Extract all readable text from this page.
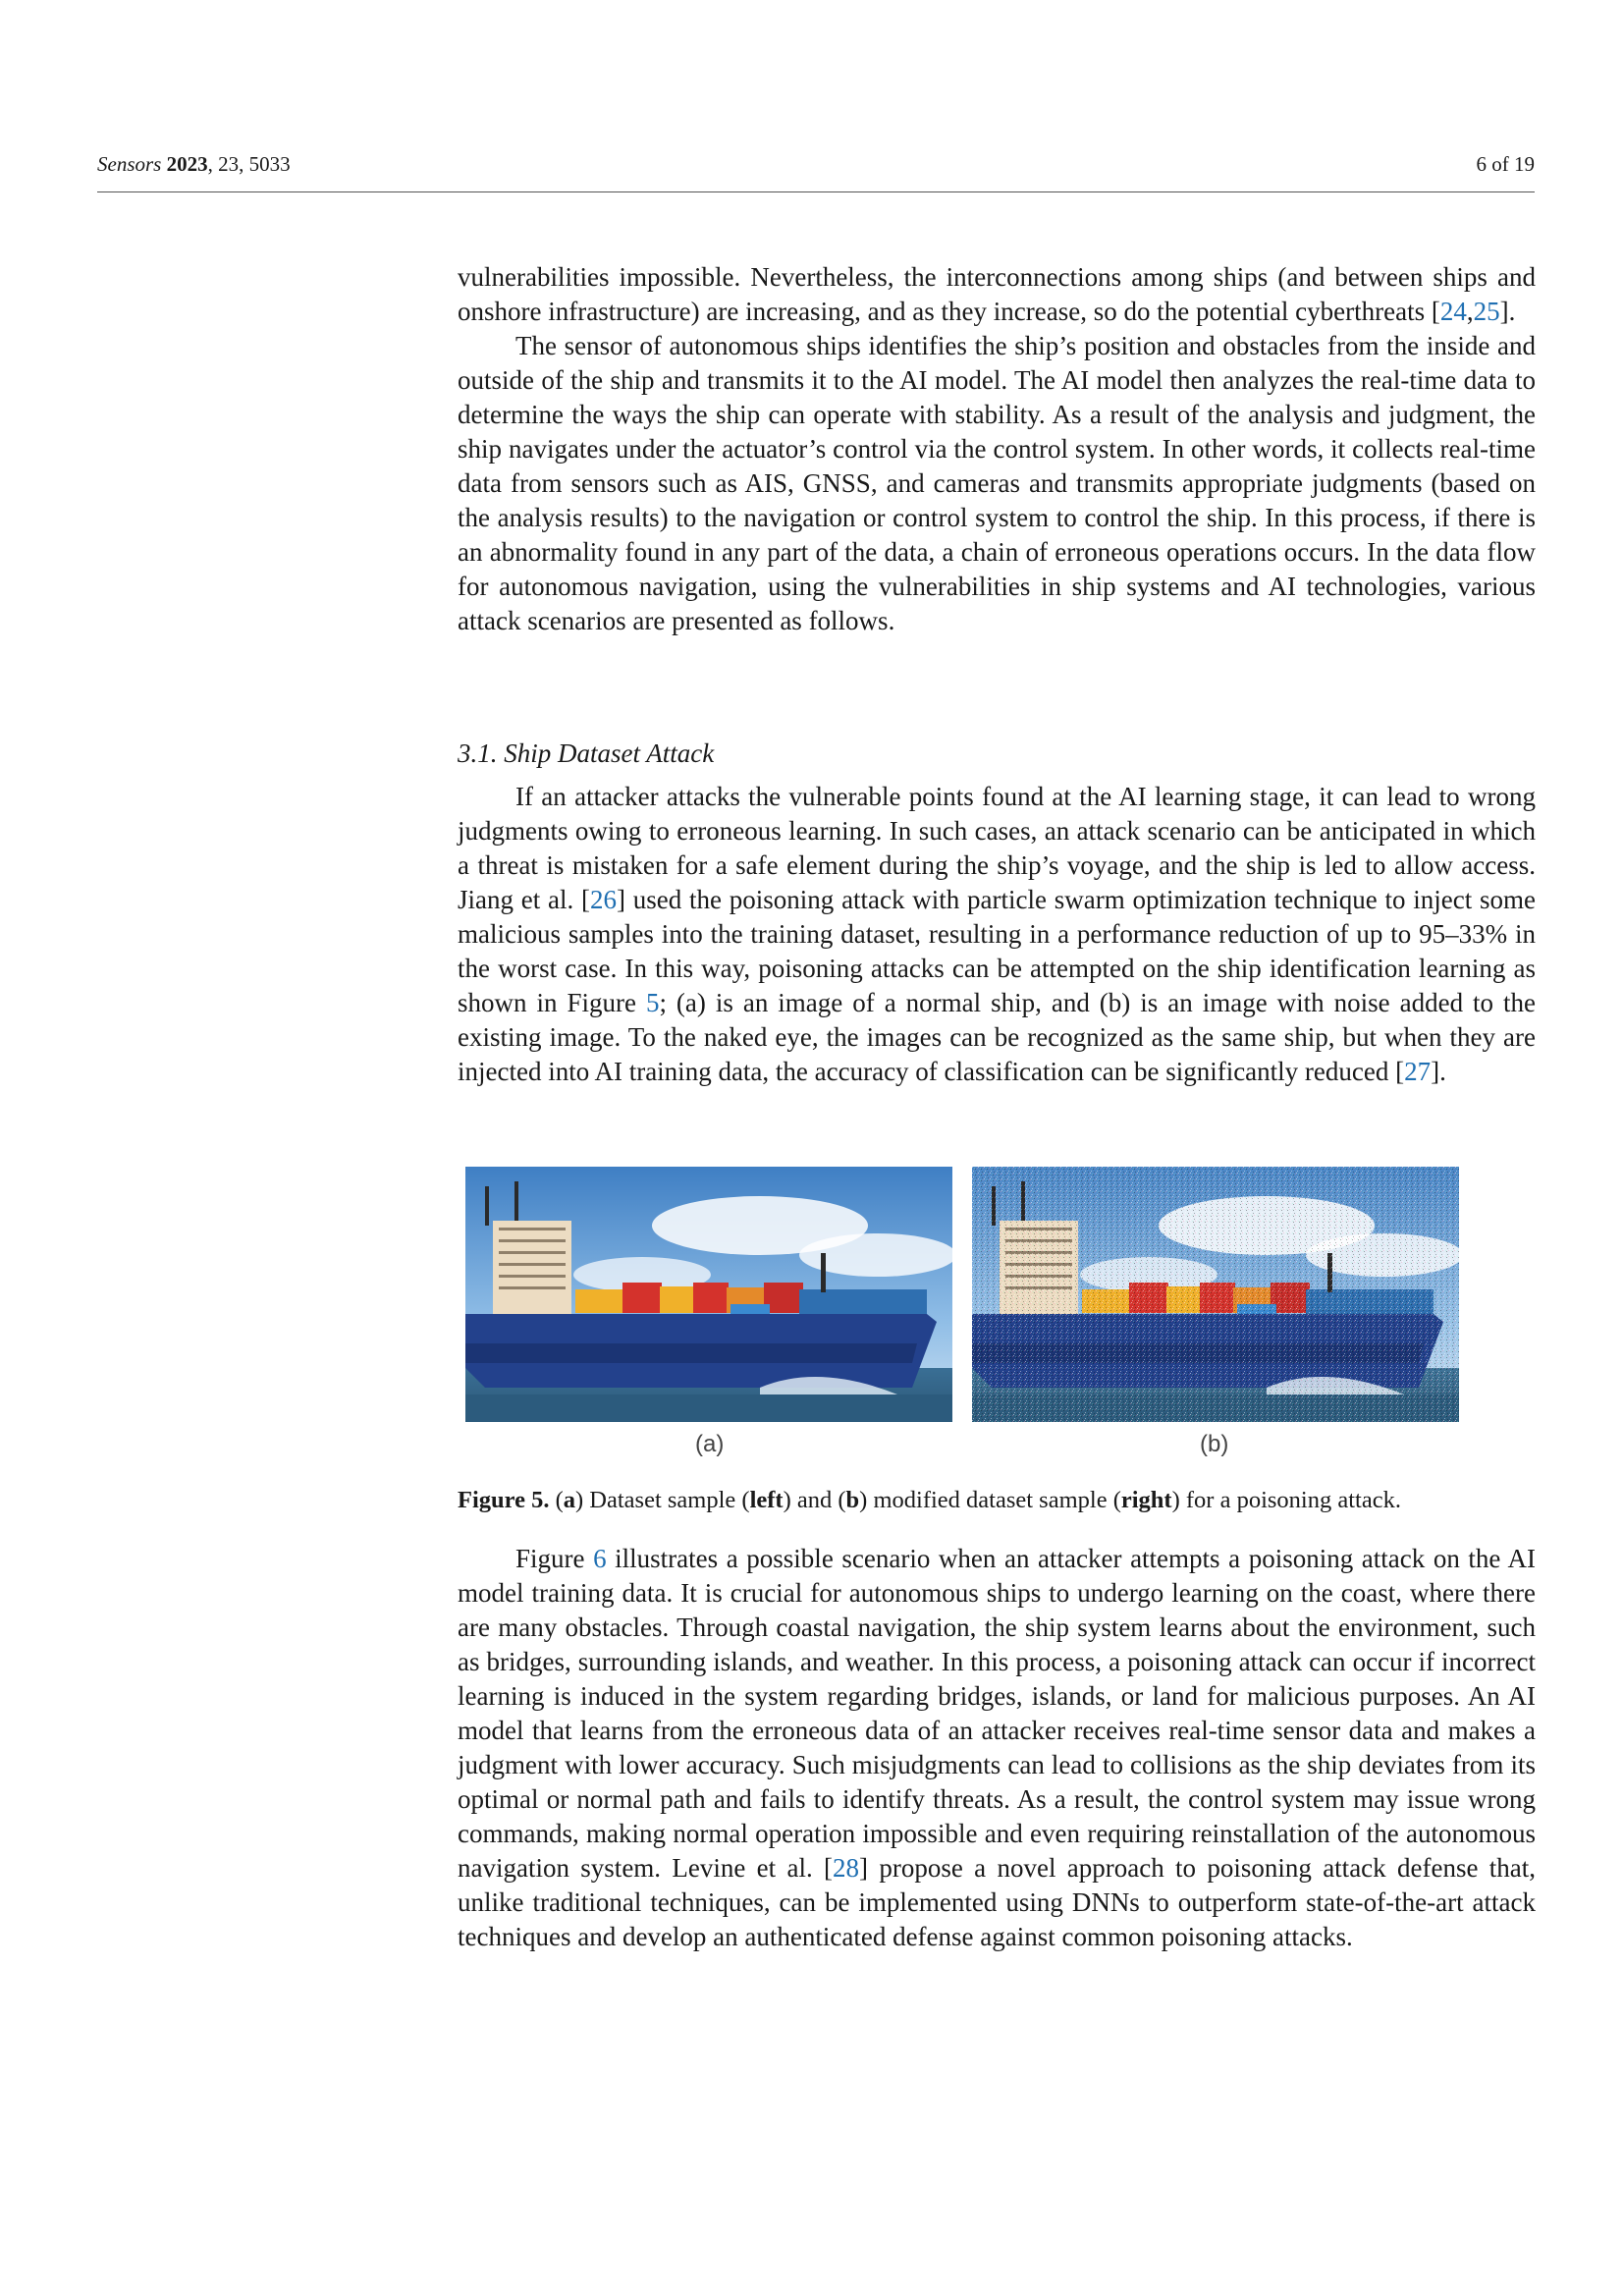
Sensors 2023, 23, 5033	6 of 19

vulnerabilities impossible. Nevertheless, the interconnections among ships (and between ships and onshore infrastructure) are increasing, and as they increase, so do the potential cyberthreats [24,25].

The sensor of autonomous ships identifies the ship’s position and obstacles from the inside and outside of the ship and transmits it to the AI model. The AI model then analyzes the real-time data to determine the ways the ship can operate with stability. As a result of the analysis and judgment, the ship navigates under the actuator’s control via the control system. In other words, it collects real-time data from sensors such as AIS, GNSS, and cameras and transmits appropriate judgments (based on the analysis results) to the navigation or control system to control the ship. In this process, if there is an abnormality found in any part of the data, a chain of erroneous operations occurs. In the data flow for autonomous navigation, using the vulnerabilities in ship systems and AI technologies, various attack scenarios are presented as follows.

3.1. Ship Dataset Attack

If an attacker attacks the vulnerable points found at the AI learning stage, it can lead to wrong judgments owing to erroneous learning. In such cases, an attack scenario can be anticipated in which a threat is mistaken for a safe element during the ship’s voyage, and the ship is led to allow access. Jiang et al. [26] used the poisoning attack with particle swarm optimization technique to inject some malicious samples into the training dataset, resulting in a performance reduction of up to 95–33% in the worst case. In this way, poisoning attacks can be attempted on the ship identification learning as shown in Figure 5; (a) is an image of a normal ship, and (b) is an image with noise added to the existing image. To the naked eye, the images can be recognized as the same ship, but when they are injected into AI training data, the accuracy of classification can be significantly reduced [27].

(a)	(b)
Figure 5. (a) Dataset sample (left) and (b) modified dataset sample (right) for a poisoning attack.

Figure 6 illustrates a possible scenario when an attacker attempts a poisoning attack on the AI model training data. It is crucial for autonomous ships to undergo learning on the coast, where there are many obstacles. Through coastal navigation, the ship system learns about the environment, such as bridges, surrounding islands, and weather. In this process, a poisoning attack can occur if incorrect learning is induced in the system regarding bridges, islands, or land for malicious purposes. An AI model that learns from the erroneous data of an attacker receives real-time sensor data and makes a judgment with lower accuracy. Such misjudgments can lead to collisions as the ship deviates from its optimal or normal path and fails to identify threats. As a result, the control system may issue wrong commands, making normal operation impossible and even requiring reinstallation of the autonomous navigation system. Levine et al. [28] propose a novel approach to poisoning attack defense that, unlike traditional techniques, can be implemented using DNNs to outperform state-of-the-art attack techniques and develop an authenticated defense against common poisoning attacks.
